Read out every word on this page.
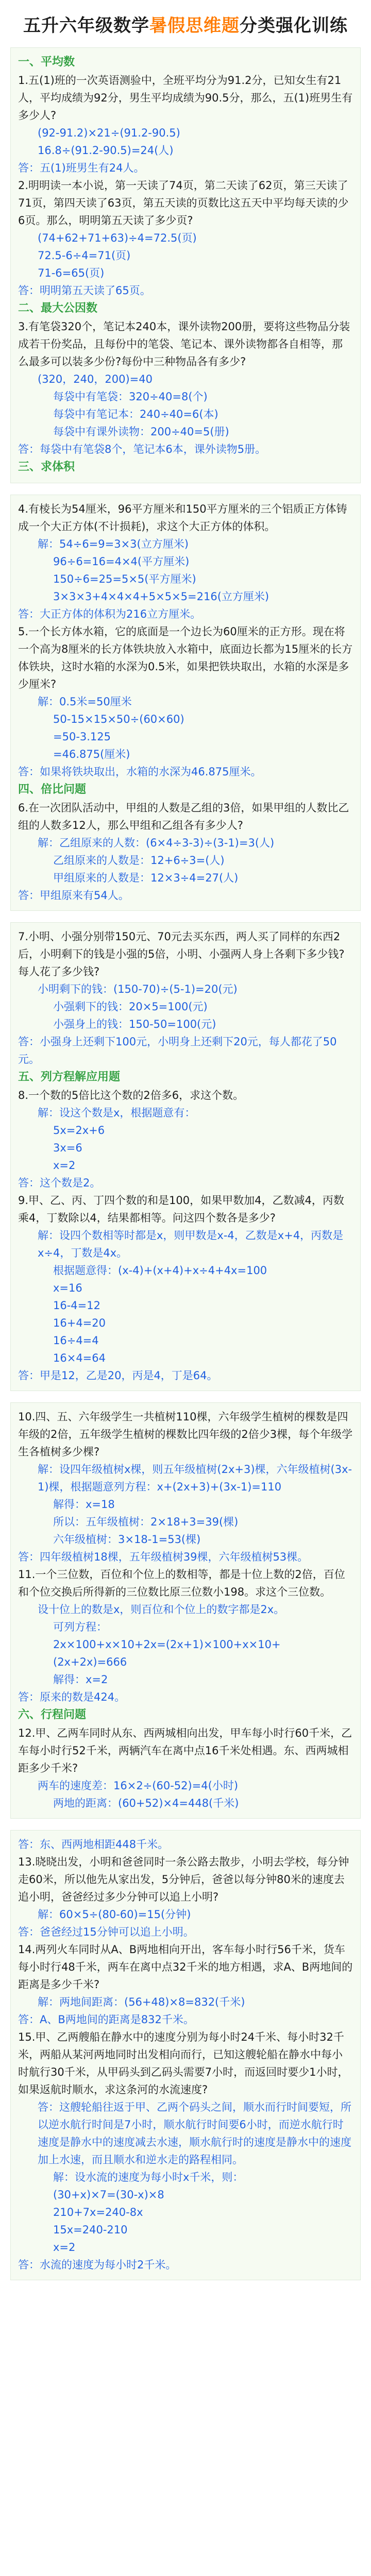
五升六年级数学 暑假思维题 分类强化训练
一、平均数
1.五(1)班的一次英语测验中，全班平均分为91.2分，已知女生有21人，平均成绩为92分，男生平均成绩为90.5分，那么，五(1)班男生有多少人?
(92-91.2)×21÷(91.2-90.5)
16.8÷(91.2-90.5)=24(人)
答：五(1)班男生有24人。
2.明明读一本小说，第一天读了74页，第二天读了62页，第三天读了71页，第四天读了63页，第五天读的页数比这五天中平均每天读的少6页。那么，明明第五天读了多少页?
(74+62+71+63)÷4=72.5(页)
72.5-6÷4=71(页)
71-6=65(页)
答：明明第五天读了65页。
二、最大公因数
3.有笔袋320个，笔记本240本，课外读物200册，要将这些物品分装成若干份奖品，且每份中的笔袋、笔记本、课外读物都各自相等，那么最多可以装多少份?每份中三种物品各有多少?
(320，240，200)=40
每袋中有笔袋：320÷40=8(个)
每袋中有笔记本：240÷40=6(本)
每袋中有课外读物：200÷40=5(册)
答：每袋中有笔袋8个，笔记本6本，课外读物5册。
三、求体积
4.有棱长为54厘米，96平方厘米和150平方厘米的三个铝质正方体铸成一个大正方体(不计损耗)，求这个大正方体的体积。
解：54÷6=9=3×3(立方厘米)
96÷6=16=4×4(平方厘米)
150÷6=25=5×5(平方厘米)
3×3×3+4×4×4+5×5×5=216(立方厘米)
答：大正方体的体积为216立方厘米。
5.一个长方体水箱，它的底面是一个边长为60厘米的正方形。现在将一个高为8厘米的长方体铁块放入水箱中，底面边长都为15厘米的长方体铁块，这时水箱的水深为0.5米，如果把铁块取出，水箱的水深是多少厘米?
解：0.5米=50厘米
50-15×15×50÷(60×60)
=50-3.125
=46.875(厘米)
答：如果将铁块取出，水箱的水深为46.875厘米。
四、倍比问题
6.在一次团队活动中，甲组的人数是乙组的3倍，如果甲组的人数比乙组的人数多12人，那么甲组和乙组各有多少人?
解：乙组原来的人数：(6×4÷3-3)÷(3-1)=3(人)
乙组原来的人数是：12+6÷3=(人)
甲组原来的人数是：12×3÷4=27(人)
答：甲组原来有54人。
7.小明、小强分别带150元、70元去买东西，两人买了同样的东西2后，小明剩下的钱是小强的5倍，小明、小强两人身上各剩下多少钱?每人花了多少钱?
小明剩下的钱：(150-70)÷(5-1)=20(元)
小强剩下的钱：20×5=100(元)
小强身上的钱：150-50=100(元)
答：小强身上还剩下100元，小明身上还剩下20元，每人都花了50元。
五、列方程解应用题
8.一个数的5倍比这个数的2倍多6，求这个数。
解：设这个数是x，根据题意有：
5x=2x+6
3x=6
x=2
答：这个数是2。
9.甲、乙、丙、丁四个数的和是100，如果甲数加4，乙数减4，丙数乘4，丁数除以4，结果都相等。问这四个数各是多少?
解：设四个数相等时都是x，则甲数是x-4，乙数是x+4，丙数是x÷4，丁数是4x。
根据题意得：(x-4)+(x+4)+x÷4+4x=100
x=16
16-4=12
16+4=20
16÷4=4
16×4=64
答：甲是12，乙是20，丙是4，丁是64。
10.四、五、六年级学生一共植树110棵，六年级学生植树的棵数是四年级的2倍，五年级学生植树的棵数比四年级的2倍少3棵，每个年级学生各植树多少棵?
解：设四年级植树x棵，则五年级植树(2x+3)棵，六年级植树(3x-1)棵，根据题意列方程：x+(2x+3)+(3x-1)=110
解得：x=18
所以：五年级植树：2×18+3=39(棵)
六年级植树：3×18-1=53(棵)
答：四年级植树18棵，五年级植树39棵，六年级植树53棵。
11.一个三位数，百位和个位上的数相等，都是十位上数的2倍，百位和个位交换后所得新的三位数比原三位数小198。求这个三位数。
设十位上的数是x，则百位和个位上的数字都是2x。
可列方程：
2x×100+x×10+2x=(2x+1)×100+x×10+(2x+2x)=666
解得：x=2
答：原来的数是424。
六、行程问题
12.甲、乙两车同时从东、西两城相向出发，甲车每小时行60千米，乙车每小时行52千米，两辆汽车在离中点16千米处相遇。东、西两城相距多少千米?
两车的速度差：16×2÷(60-52)=4(小时)
两地的距离：(60+52)×4=448(千米)
答：东、西两地相距448千米。
13.晓晓出发，小明和爸爸同时一条公路去散步，小明去学校，每分钟走60米，所以他先从家出发，5分钟后，爸爸以每分钟80米的速度去追小明，爸爸经过多少分钟可以追上小明?
解：60×5÷(80-60)=15(分钟)
答：爸爸经过15分钟可以追上小明。
14.两列火车同时从A、B两地相向开出，客车每小时行56千米，货车每小时行48千米，两车在离中点32千米的地方相遇，求A、B两地间的距离是多少千米?
解：两地间距离：(56+48)×8=832(千米)
答：A、B两地间的距离是832千米。
15.甲、乙两艘船在静水中的速度分别为每小时24千米、每小时32千米，两船从某河两地同时出发相向而行，已知这艘轮船在静水中每小时航行30千米，从甲码头到乙码头需要7小时，而返回时要少1小时，如果返航时顺水，求这条河的水流速度?
答：这艘轮船往返于甲、乙两个码头之间，顺水而行时间要短，所以逆水航行时间是7小时，顺水航行时间要6小时，而逆水航行时速度是静水中的速度减去水速，顺水航行时的速度是静水中的速度加上水速，而且顺水和逆水走的路程相同。
解：设水流的速度为每小时x千米，则：
(30+x)×7=(30-x)×8
210+7x=240-8x
15x=240-210
x=2
答：水流的速度为每小时2千米。
